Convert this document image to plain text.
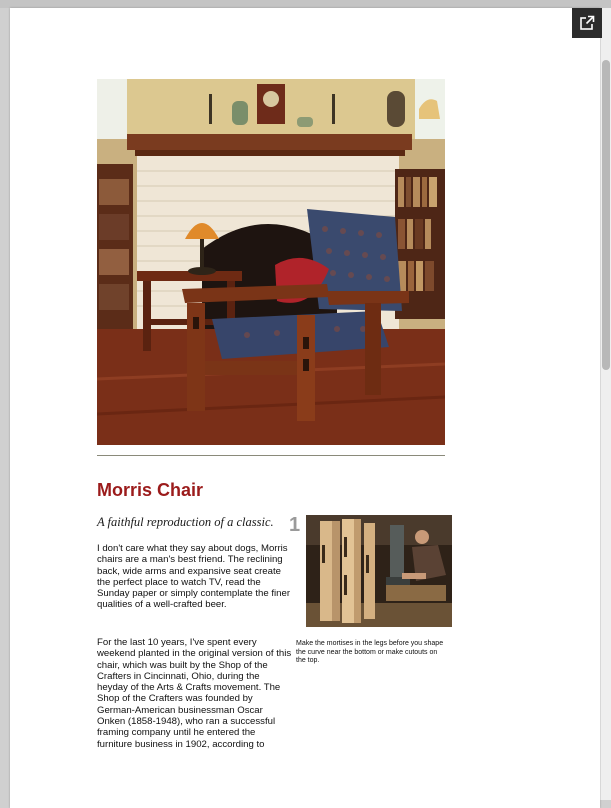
Morris Chair

A faithful reproduction of a classic.

I don't care what they say about dogs, Morris chairs are a man's best friend. The reclining back, wide arms and expansive seat create the perfect place to watch TV, read the Sunday paper or simply contemplate the finer qualities of a well-crafted beer.

For the last 10 years, I've spent every weekend planted in the original version of this chair, which was built by the Shop of the Crafters in Cincinnati, Ohio, during the heyday of the Arts & Crafts movement. The Shop of the Crafters was founded by German-American businessman Oscar Onken (1858-1948), who ran a successful framing company until he entered the furniture business in 1902, according to

1

Make the mortises in the legs before you shape the curve near the bottom or make cutouts on the top.
